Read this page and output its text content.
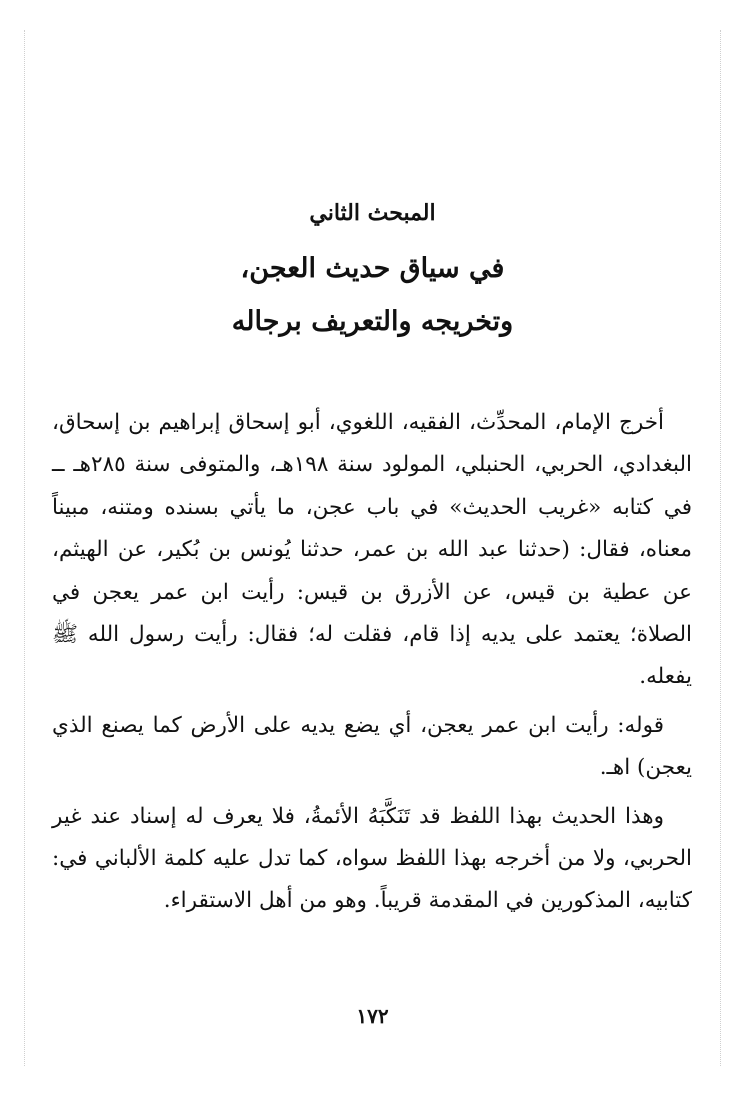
المبحث الثاني
في سياق حديث العجن،
وتخريجه والتعريف برجاله

أخرج الإمام، المحدِّث، الفقيه، اللغوي، أبو إسحاق إبراهيم بن إسحاق، البغدادي، الحربي، الحنبلي، المولود سنة ١٩٨هـ، والمتوفى سنة ٢٨٥هـ ــ في كتابه «غريب الحديث» في باب عجن، ما يأتي بسنده ومتنه، مبيناً معناه، فقال: (حدثنا عبد الله بن عمر، حدثنا يُونس بن بُكير، عن الهيثم، عن عطية بن قيس، عن الأزرق بن قيس: رأيت ابن عمر يعجن في الصلاة؛ يعتمد على يديه إذا قام، فقلت له؛ فقال: رأيت رسول الله ﷺ يفعله.

قوله: رأيت ابن عمر يعجن، أي يضع يديه على الأرض كما يصنع الذي يعجن) اهـ.

وهذا الحديث بهذا اللفظ قد تَنَكَّبَهُ الأئمةُ، فلا يعرف له إسناد عند غير الحربي، ولا من أخرجه بهذا اللفظ سواه، كما تدل عليه كلمة الألباني في: كتابيه، المذكورين في المقدمة قريباً. وهو من أهل الاستقراء.

١٧٢
